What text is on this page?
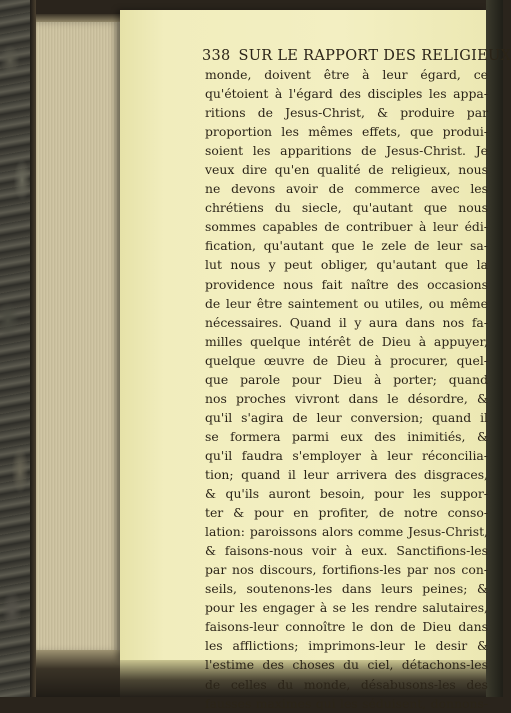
338 SUR LE RAPPORT DES RELIGIEUX
monde, doivent être à leur égard, ce
qu'étoient à l'égard des disciples les appa-
ritions de Jesus-Christ, & produire par
proportion les mêmes effets, que produi-
soient les apparitions de Jesus-Christ. Je
veux dire qu'en qualité de religieux, nous
ne devons avoir de commerce avec les
chrétiens du siecle, qu'autant que nous
sommes capables de contribuer à leur édi-
fication, qu'autant que le zele de leur sa-
lut nous y peut obliger, qu'autant que la
providence nous fait naître des occasions
de leur être saintement ou utiles, ou même
nécessaires. Quand il y aura dans nos fa-
milles quelque intérêt de Dieu à appuyer,
quelque œuvre de Dieu à procurer, quel-
que parole pour Dieu à porter; quand
nos proches vivront dans le désordre, &
qu'il s'agira de leur conversion; quand il
se formera parmi eux des inimitiés, &
qu'il faudra s'employer à leur réconcilia-
tion; quand il leur arrivera des disgraces,
& qu'ils auront besoin, pour les suppor-
ter & pour en profiter, de notre conso-
lation: paroissons alors comme Jesus-Christ,
& faisons-nous voir à eux. Sanctifions-les
par nos discours, fortifions-les par nos con-
seils, soutenons-les dans leurs peines; &
pour les engager à se les rendre salutaires,
faisons-leur connoître le don de Dieu dans
les afflictions; imprimons-leur le desir &
l'estime des choses du ciel, détachons-les
de celles du monde, désabusons-les des
fausses maximes qui les séduisent, donnons-
